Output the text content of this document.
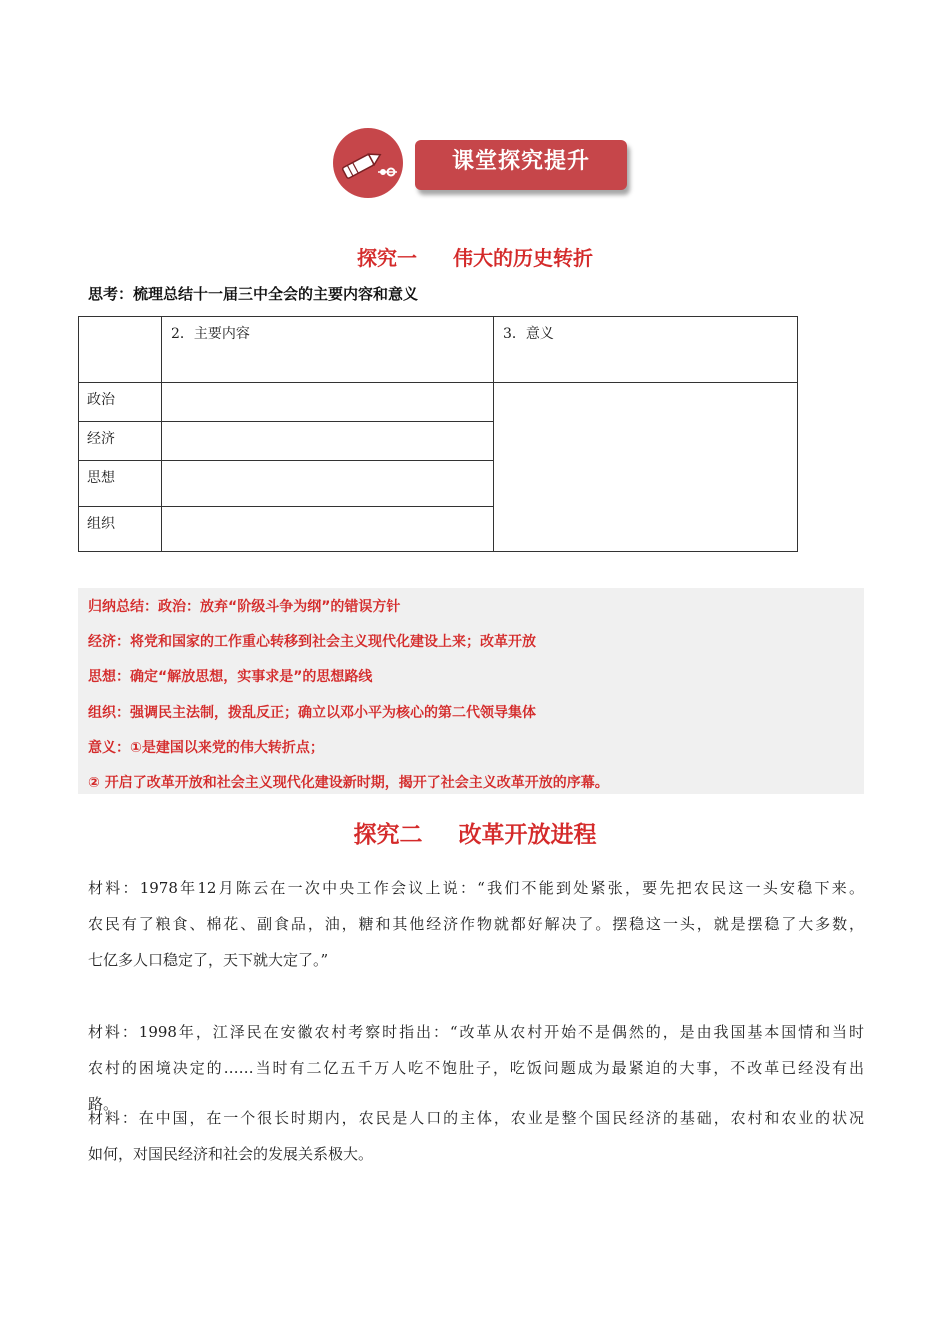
课堂探究提升
探究一 伟大的历史转折
思考：梳理总结十一届三中全会的主要内容和意义
2．主要内容	3．意义
政治
经济
思想
组织
归纳总结：政治：放弃“阶级斗争为纲”的错误方针
经济：将党和国家的工作重心转移到社会主义现代化建设上来；改革开放
思想：确定“解放思想，实事求是”的思想路线
组织：强调民主法制，拨乱反正；确立以邓小平为核心的第二代领导集体
意义：①是建国以来党的伟大转折点；
② 开启了改革开放和社会主义现代化建设新时期，揭开了社会主义改革开放的序幕。
探究二 改革开放进程
材料：1978年12月陈云在一次中央工作会议上说：“我们不能到处紧张，要先把农民这一头安稳下来。
农民有了粮食、棉花、副食品，油，糖和其他经济作物就都好解决了。摆稳这一头，就是摆稳了大多数，
七亿多人口稳定了，天下就大定了。”
材料：1998年，江泽民在安徽农村考察时指出：“改革从农村开始不是偶然的，是由我国基本国情和当时
农村的困境决定的……当时有二亿五千万人吃不饱肚子，吃饭问题成为最紧迫的大事，不改革已经没有出
路。
材料：在中国，在一个很长时期内，农民是人口的主体，农业是整个国民经济的基础，农村和农业的状况
如何，对国民经济和社会的发展关系极大。
